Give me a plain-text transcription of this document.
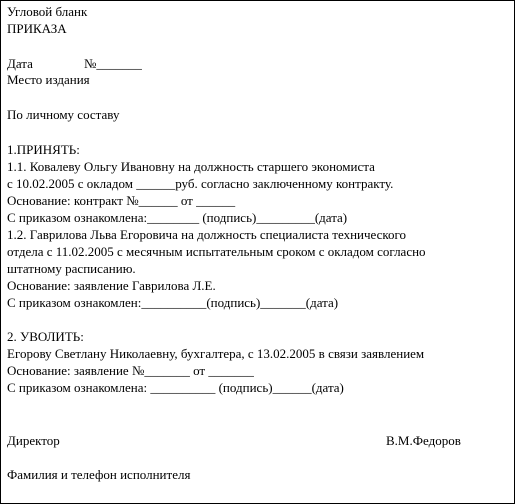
Угловой бланк
ПРИКАЗА
Дата	№_______
Место издания
По личному составу
1.ПРИНЯТЬ:
1.1. Ковалеву Ольгу Ивановну на должность старшего экономиста
с 10.02.2005 с окладом ______руб. согласно заключенному контракту.
Основание: контракт №______ от ______
С приказом ознакомлена:________ (подпись)_________(дата)
1.2. Гаврилова Льва Егоровича на должность специалиста технического
отдела с 11.02.2005 с месячным испытательным сроком с окладом согласно
штатному расписанию.
Основание: заявление Гаврилова Л.Е.
С приказом ознакомлен:__________(подпись)_______(дата)
2. УВОЛИТЬ:
Егорову Светлану Николаевну, бухгалтера, с 13.02.2005 в связи заявлением
Основание: заявление №_______ от _______
С приказом ознакомлена: __________ (подпись)______(дата)
Директор	В.М.Федоров
Фамилия и телефон исполнителя
